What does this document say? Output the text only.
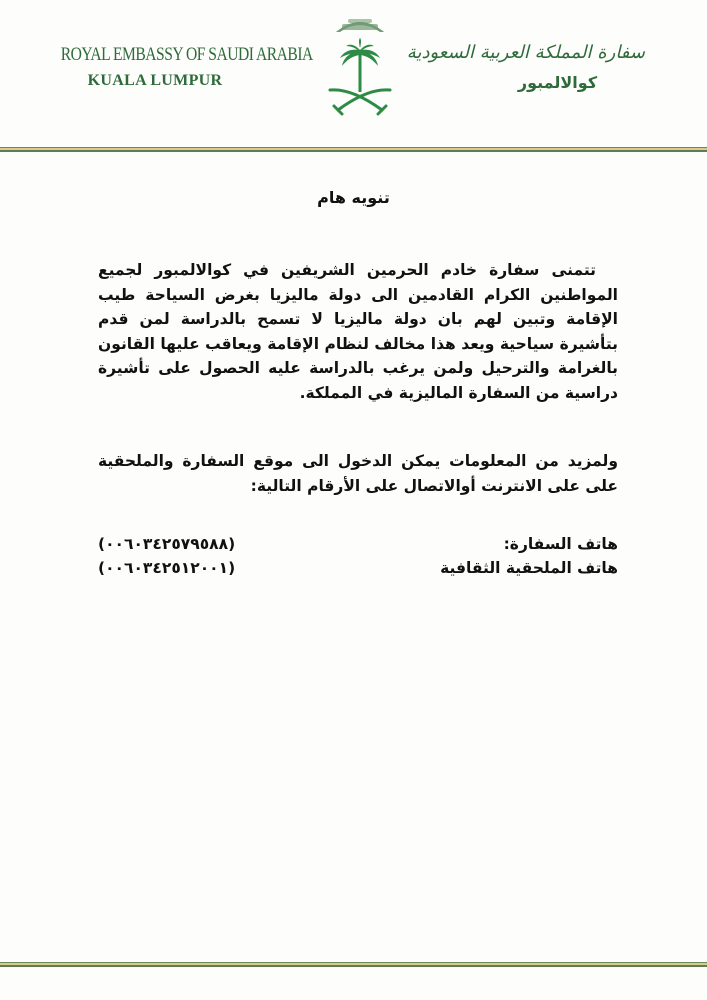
ROYAL EMBASSY OF SAUDI ARABIA
KUALA LUMPUR
سفارة المملكة العربية السعودية
كوالالمبور
تنويه هام

تتمنى سفارة خادم الحرمين الشريفين في كوالالمبور لجميع المواطنين الكرام القادمين الى دولة ماليزيا بغرض السياحة طيب الإقامة وتبين لهم بان دولة ماليزيا لا تسمح بالدراسة لمن قدم بتأشيرة سياحية ويعد هذا مخالف لنظام الإقامة ويعاقب عليها القانون بالغرامة والترحيل ولمن يرغب بالدراسة عليه الحصول على تأشيرة دراسية من السفارة الماليزية في المملكة.

ولمزيد من المعلومات يمكن الدخول الى موقع السفارة والملحقية على على الانترنت أوالاتصال على الأرقام التالية:

هاتف السفارة:
(٠٠٦٠٣٤٢٥٧٩٥٨٨)
هاتف الملحقية الثقافية
(٠٠٦٠٣٤٢٥١٢٠٠١)
